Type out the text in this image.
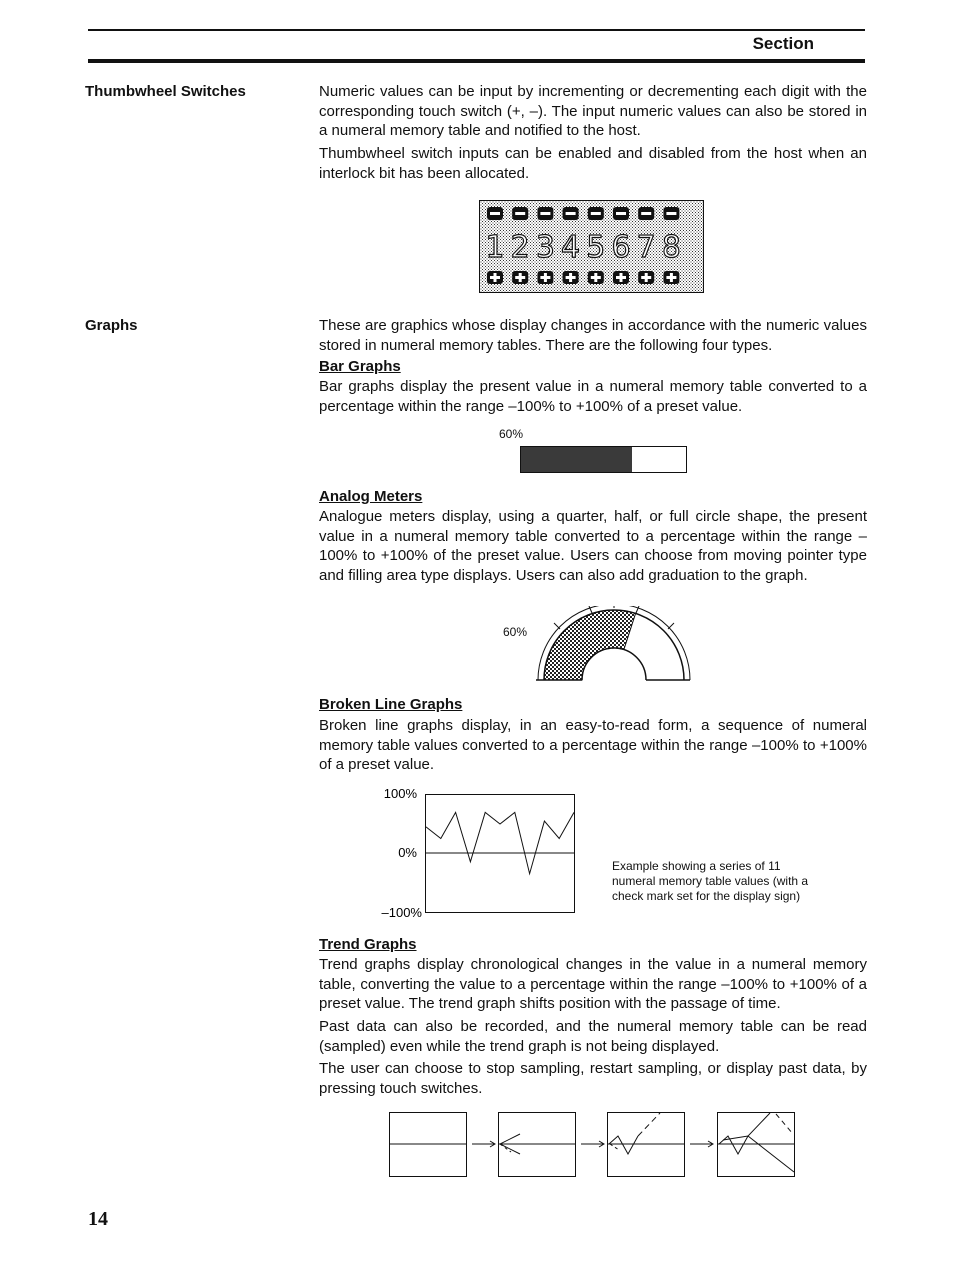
Section
Thumbwheel Switches	Numeric values can be input by incrementing or decrementing each digit with the corresponding touch switch (+, –). The input numeric values can also be stored in a numeral memory table and notified to the host.
Thumbwheel switch inputs can be enabled and disabled from the host when an interlock bit has been allocated.
1 2 3 4 5 6 7 8
Graphs	These are graphics whose display changes in accordance with the numeric values stored in numeral memory tables. There are the following four types.
Bar Graphs
Bar graphs display the present value in a numeral memory table converted to a percentage within the range –100% to +100% of a preset value.
60%
Analog Meters
Analogue meters display, using a quarter, half, or full circle shape, the present value in a numeral memory table converted to a percentage within the range –100% to +100% of the preset value. Users can choose from moving pointer type and filling area type displays. Users can also add graduation to the graph.
60%
Broken Line Graphs
Broken line graphs display, in an easy-to-read form, a sequence of numeral memory table values converted to a percentage within the range –100% to +100% of a preset value.
100%
0%
–100%
Example showing a series of 11 numeral memory table values (with a check mark set for the display sign)
Trend Graphs
Trend graphs display chronological changes in the value in a numeral memory table, converting the value to a percentage within the range –100% to +100% of a preset value. The trend graph shifts position with the passage of time.
Past data can also be recorded, and the numeral memory table can be read (sampled) even while the trend graph is not being displayed.
The user can choose to stop sampling, restart sampling, or display past data, by pressing touch switches.
14
